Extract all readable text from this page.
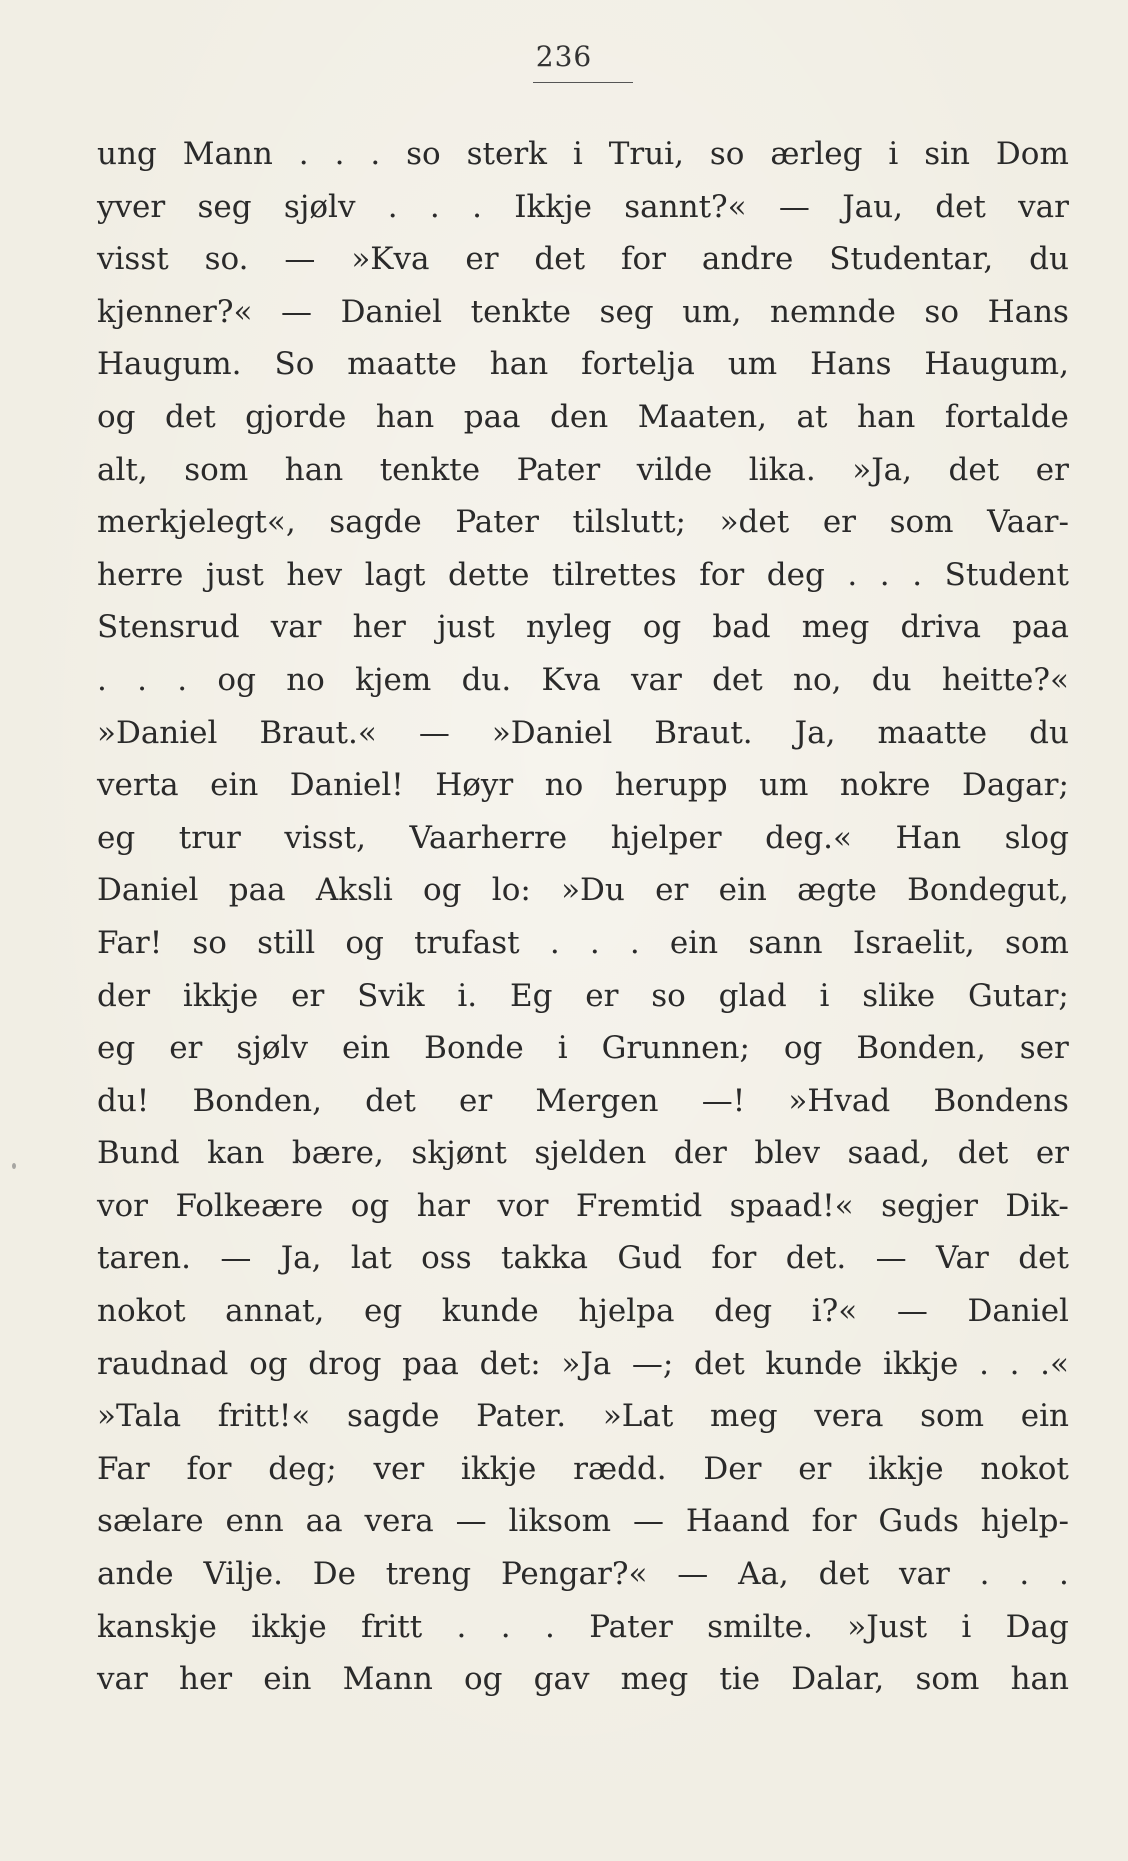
236
ung Mann . . . so sterk i Trui, so ærleg i sin Dom
yver seg sjølv . . . Ikkje sannt?« — Jau, det var
visst so. — »Kva er det for andre Studentar, du
kjenner?« — Daniel tenkte seg um, nemnde so Hans
Haugum. So maatte han fortelja um Hans Haugum,
og det gjorde han paa den Maaten, at han fortalde
alt, som han tenkte Pater vilde lika. »Ja, det er
merkjelegt«, sagde Pater tilslutt; »det er som Vaar-
herre just hev lagt dette tilrettes for deg . . . Student
Stensrud var her just nyleg og bad meg driva paa
. . . og no kjem du. Kva var det no, du heitte?«
»Daniel Braut.« — »Daniel Braut. Ja, maatte du
verta ein Daniel! Høyr no herupp um nokre Dagar;
eg trur visst, Vaarherre hjelper deg.« Han slog
Daniel paa Aksli og lo: »Du er ein ægte Bondegut,
Far! so still og trufast . . . ein sann Israelit, som
der ikkje er Svik i. Eg er so glad i slike Gutar;
eg er sjølv ein Bonde i Grunnen; og Bonden, ser
du! Bonden, det er Mergen —! »Hvad Bondens
Bund kan bære, skjønt sjelden der blev saad, det er
vor Folkeære og har vor Fremtid spaad!« segjer Dik-
taren. — Ja, lat oss takka Gud for det. — Var det
nokot annat, eg kunde hjelpa deg i?« — Daniel
raudnad og drog paa det: »Ja —; det kunde ikkje . . .«
»Tala fritt!« sagde Pater. »Lat meg vera som ein
Far for deg; ver ikkje rædd. Der er ikkje nokot
sælare enn aa vera — liksom — Haand for Guds hjelp-
ande Vilje. De treng Pengar?« — Aa, det var . . .
kanskje ikkje fritt . . . Pater smilte. »Just i Dag
var her ein Mann og gav meg tie Dalar, som han
